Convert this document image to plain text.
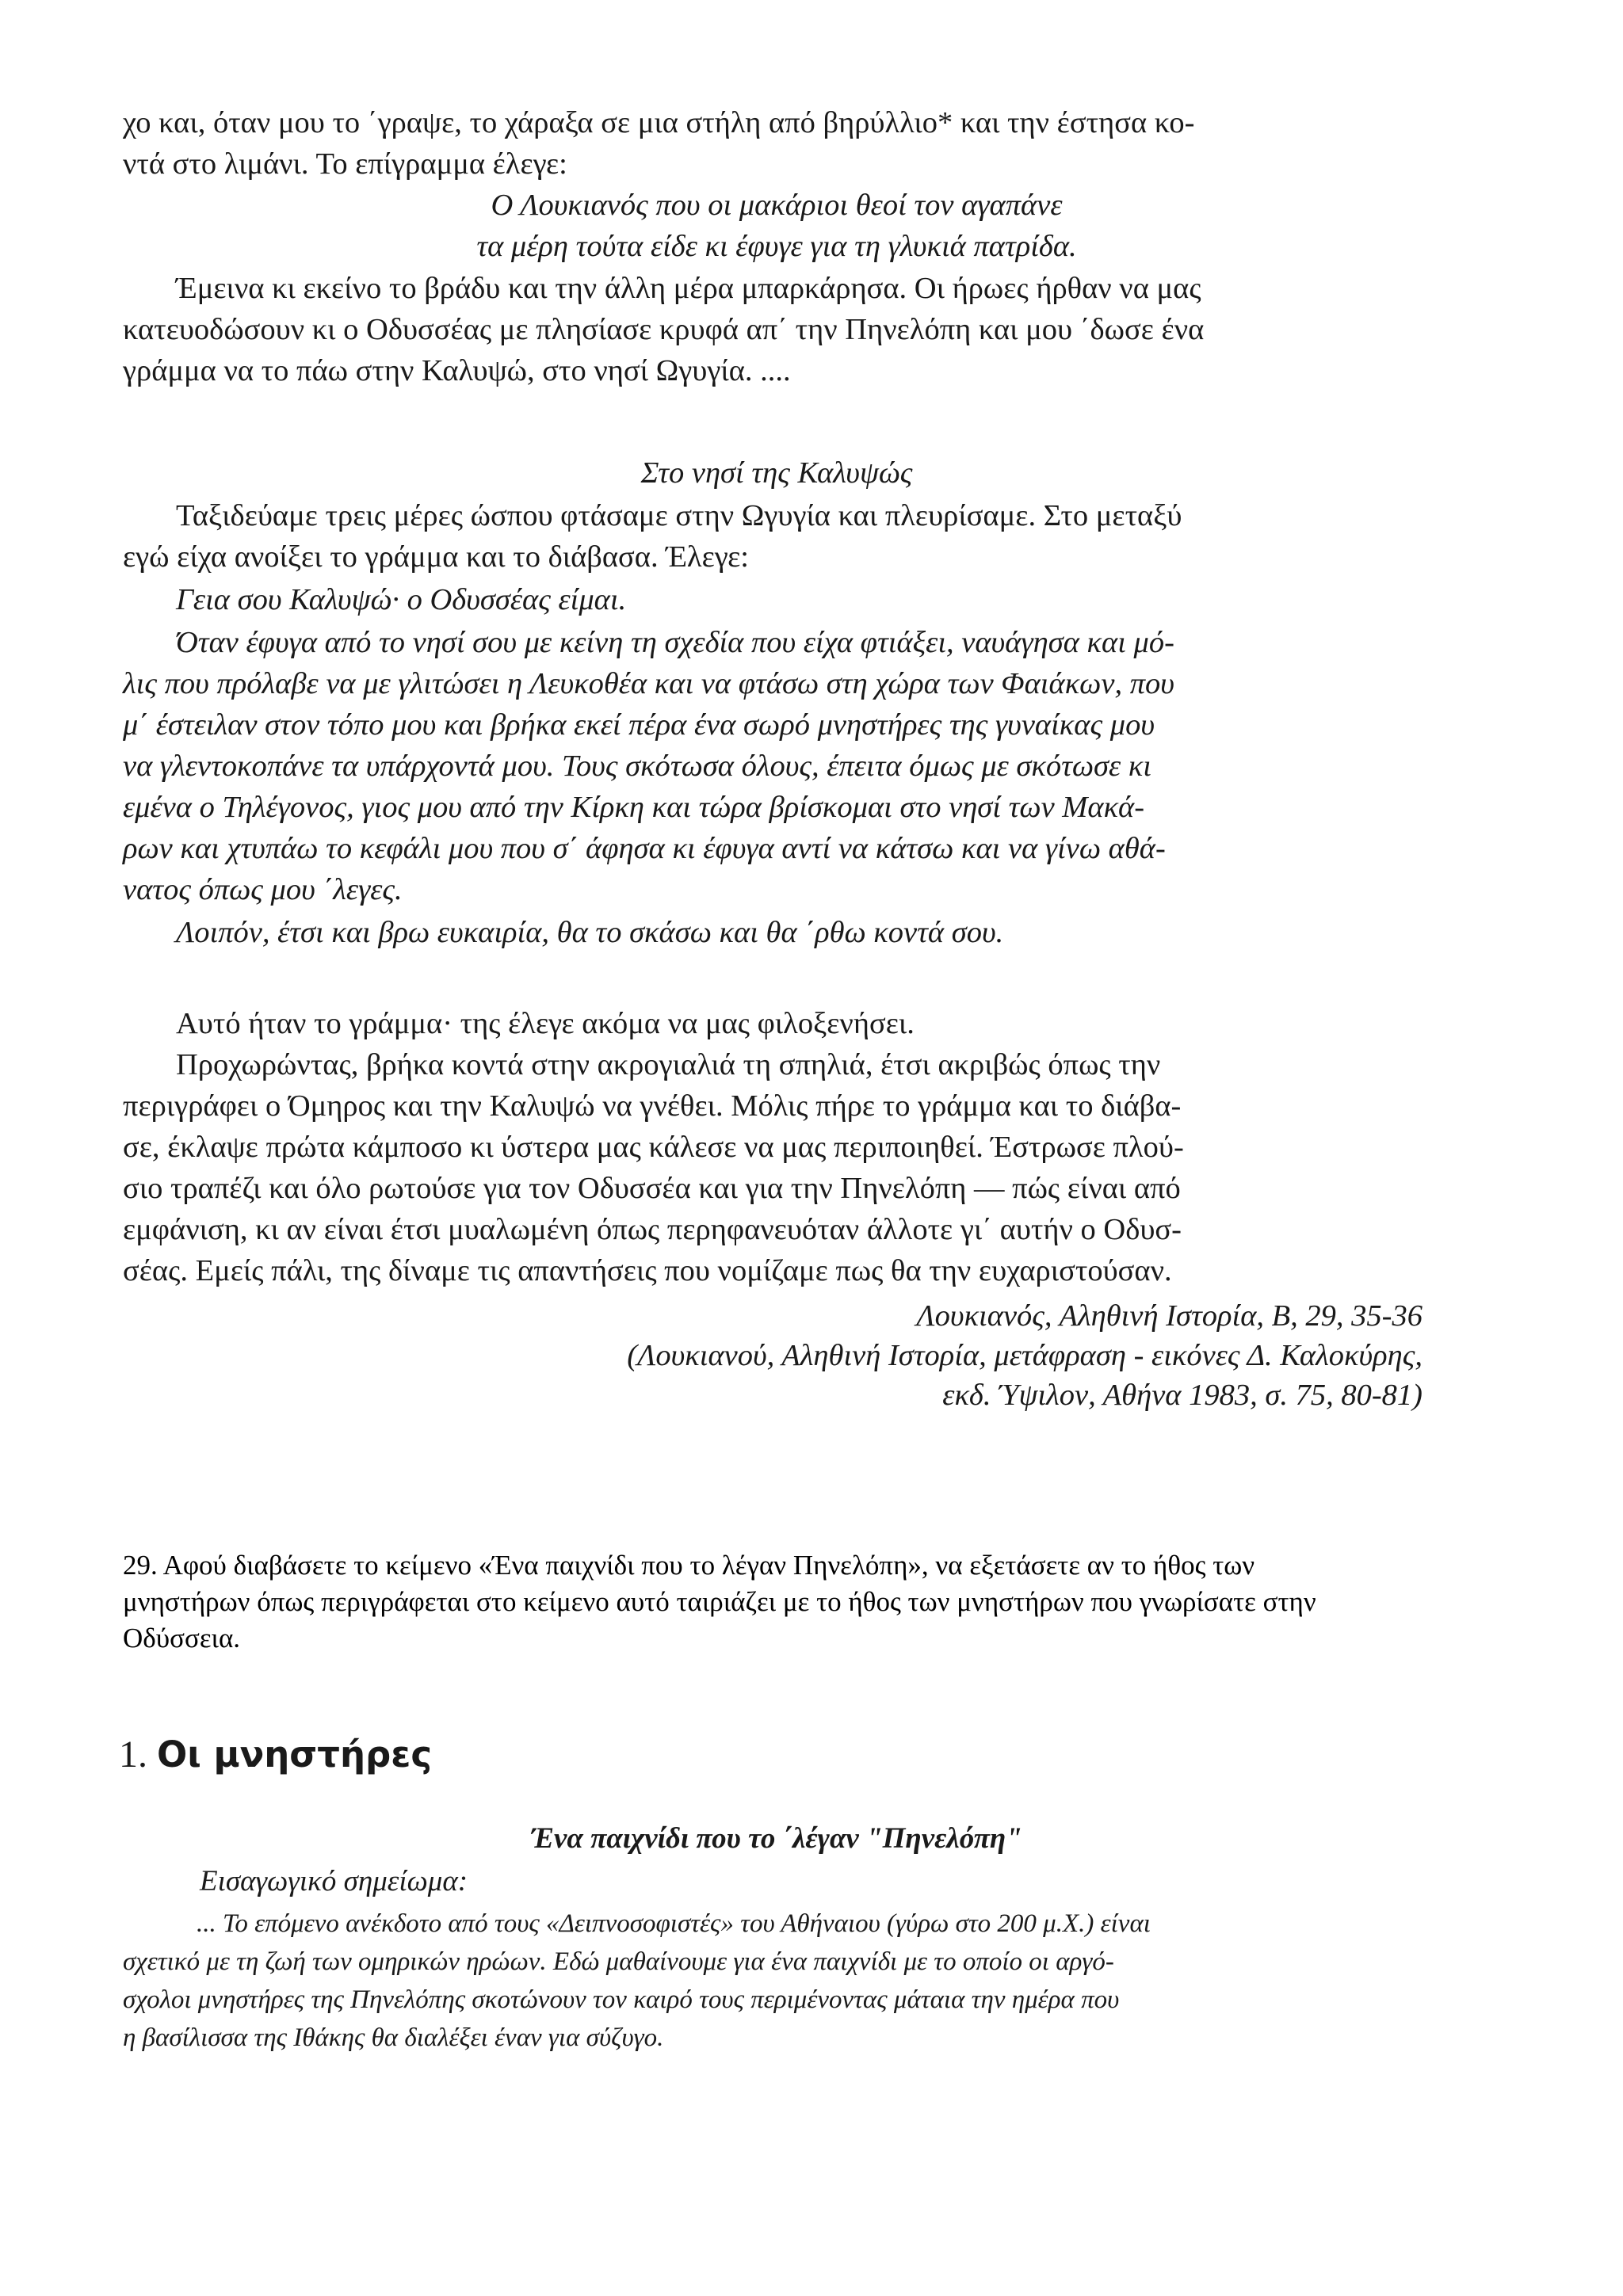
χο και, όταν μου το ΄γραψε, το χάραξα σε μια στήλη από βηρύλλιο* και την έστησα κο-
ντά στο λιμάνι. Το επίγραμμα έλεγε:
Ο Λουκιανός που οι μακάριοι θεοί τον αγαπάνε
τα μέρη τούτα είδε κι έφυγε για τη γλυκιά πατρίδα.
Έμεινα κι εκείνο το βράδυ και την άλλη μέρα μπαρκάρησα. Οι ήρωες ήρθαν να μας
κατευοδώσουν κι ο Οδυσσέας με πλησίασε κρυφά απ΄ την Πηνελόπη και μου ΄δωσε ένα
γράμμα να το πάω στην Καλυψώ, στο νησί Ωγυγία. ....
Στο νησί της Καλυψώς
Ταξιδεύαμε τρεις μέρες ώσπου φτάσαμε στην Ωγυγία και πλευρίσαμε. Στο μεταξύ
εγώ είχα ανοίξει το γράμμα και το διάβασα. Έλεγε:
Γεια σου Καλυψώ· ο Οδυσσέας είμαι.
Όταν έφυγα από το νησί σου με κείνη τη σχεδία που είχα φτιάξει, ναυάγησα και μό-
λις που πρόλαβε να με γλιτώσει η Λευκοθέα και να φτάσω στη χώρα των Φαιάκων, που
μ΄ έστειλαν στον τόπο μου και βρήκα εκεί πέρα ένα σωρό μνηστήρες της γυναίκας μου
να γλεντοκοπάνε τα υπάρχοντά μου. Τους σκότωσα όλους, έπειτα όμως με σκότωσε κι
εμένα ο Τηλέγονος, γιος μου από την Κίρκη και τώρα βρίσκομαι στο νησί των Μακά-
ρων και χτυπάω το κεφάλι μου που σ΄ άφησα κι έφυγα αντί να κάτσω και να γίνω αθά-
νατος όπως μου ΄λεγες.
Λοιπόν, έτσι και βρω ευκαιρία, θα το σκάσω και θα ΄ρθω κοντά σου.
Αυτό ήταν το γράμμα· της έλεγε ακόμα να μας φιλοξενήσει.
Προχωρώντας, βρήκα κοντά στην ακρογιαλιά τη σπηλιά, έτσι ακριβώς όπως την
περιγράφει ο Όμηρος και την Καλυψώ να γνέθει. Μόλις πήρε το γράμμα και το διάβα-
σε, έκλαψε πρώτα κάμποσο κι ύστερα μας κάλεσε να μας περιποιηθεί. Έστρωσε πλού-
σιο τραπέζι και όλο ρωτούσε για τον Οδυσσέα και για την Πηνελόπη — πώς είναι από
εμφάνιση, κι αν είναι έτσι μυαλωμένη όπως περηφανευόταν άλλοτε γι΄ αυτήν ο Οδυσ-
σέας. Εμείς πάλι, της δίναμε τις απαντήσεις που νομίζαμε πως θα την ευχαριστούσαν.
Λουκιανός, Αληθινή Ιστορία, Β, 29, 35-36
(Λουκιανού, Αληθινή Ιστορία, μετάφραση - εικόνες Δ. Καλοκύρης,
εκδ. Ύψιλον, Αθήνα 1983, σ. 75, 80-81)
29. Αφού διαβάσετε το κείμενο «Ένα παιχνίδι που το λέγαν Πηνελόπη», να εξετάσετε αν το ήθος των
μνηστήρων όπως περιγράφεται στο κείμενο αυτό ταιριάζει με το ήθος των μνηστήρων που γνωρίσατε στην
Οδύσσεια.
1. Οι μνηστήρες
Ένα παιχνίδι που το ΄λέγαν "Πηνελόπη"
Εισαγωγικό σημείωμα:
... Το επόμενο ανέκδοτο από τους «Δειπνοσοφιστές» του Αθήναιου (γύρω στο 200 μ.Χ.) είναι
σχετικό με τη ζωή των ομηρικών ηρώων. Εδώ μαθαίνουμε για ένα παιχνίδι με το οποίο οι αργό-
σχολοι μνηστήρες της Πηνελόπης σκοτώνουν τον καιρό τους περιμένοντας μάταια την ημέρα που
η βασίλισσα της Ιθάκης θα διαλέξει έναν για σύζυγο.
